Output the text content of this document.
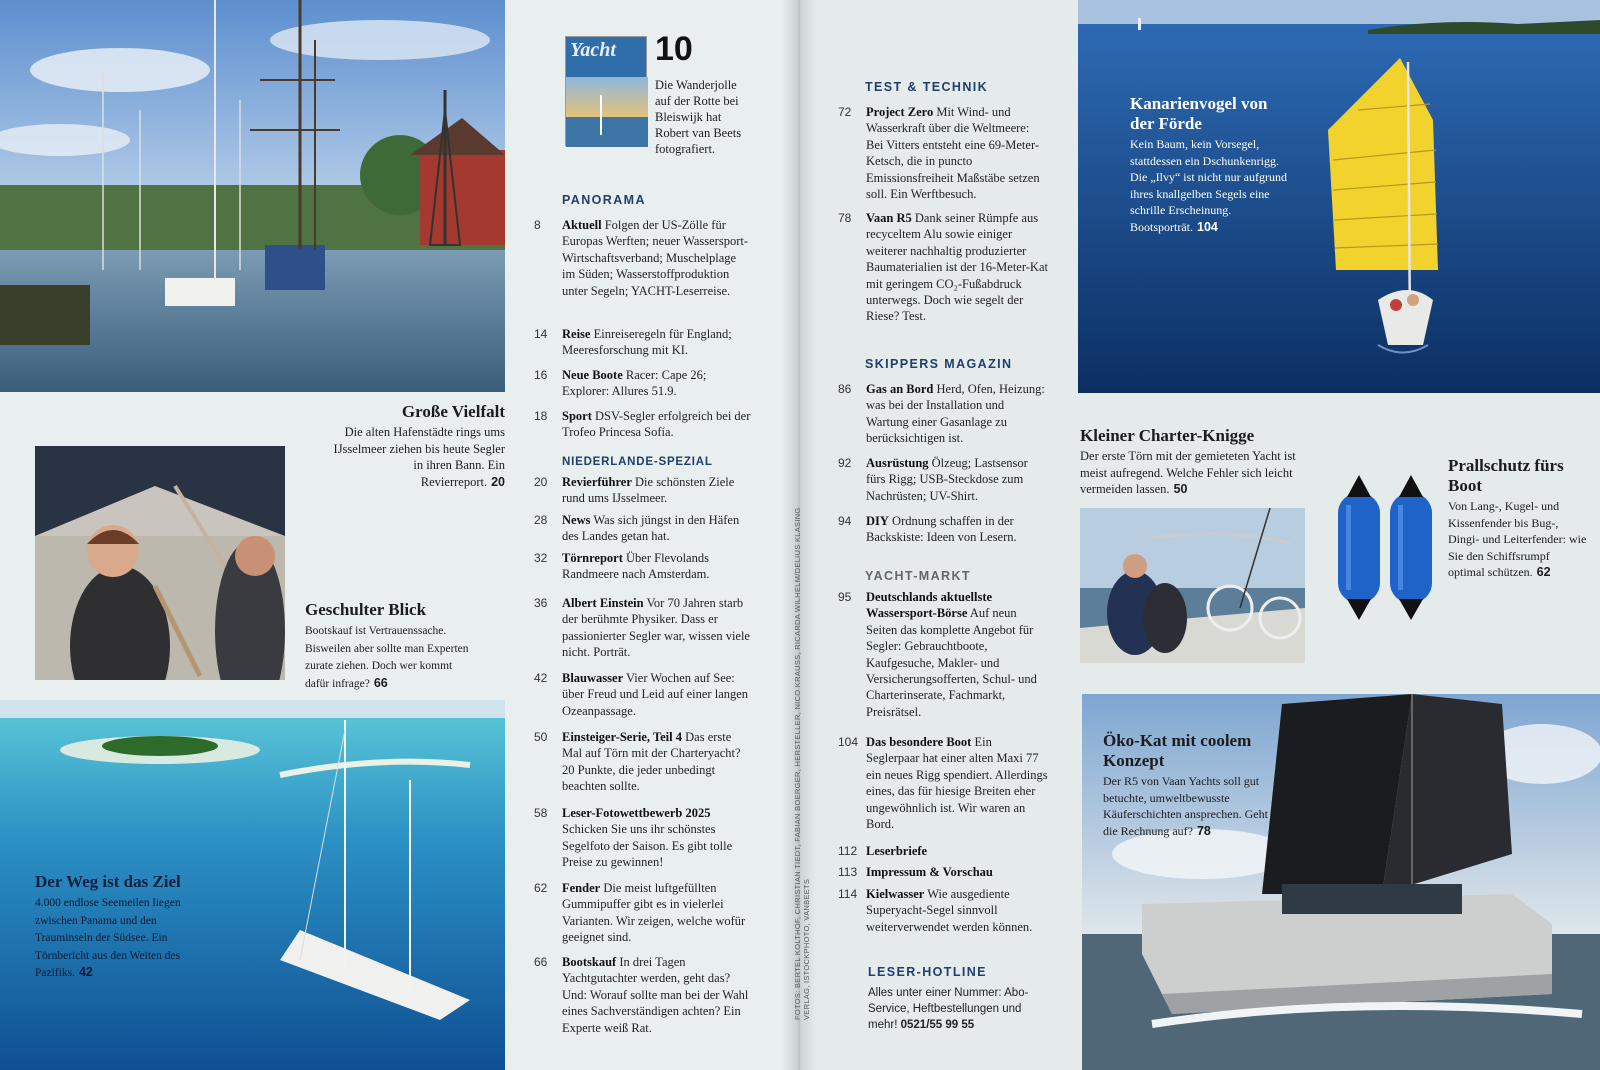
Große Vielfalt
Die alten Hafenstädte rings ums IJsselmeer ziehen bis heute Segler in ihren Bann. Ein Revierreport. 20
Geschulter Blick
Bootskauf ist Vertrauenssache. Bisweilen aber sollte man Experten zurate ziehen. Doch wer kommt dafür infrage? 66
Der Weg ist das Ziel
4.000 endlose Seemeilen liegen zwischen Panama und den Trauminseln der Südsee. Ein Törnbericht aus den Weiten des Pazifiks. 42
Yacht 10
Die Wanderjolle auf der Rotte bei Bleiswijk hat Robert van Beets fotografiert.
PANORAMA
8	Aktuell Folgen der US-Zölle für Europas Werften; neuer Wassersport-Wirtschaftsverband; Muschelplage im Süden; Wasserstoffproduktion unter Segeln; YACHT-Leserreise.
14	Reise Einreiseregeln für England; Meeresforschung mit KI.
16	Neue Boote Racer: Cape 26; Explorer: Allures 51.9.
18	Sport DSV-Segler erfolgreich bei der Trofeo Princesa Sofía.
NIEDERLANDE-SPEZIAL
20	Revierführer Die schönsten Ziele rund ums IJsselmeer.
28	News Was sich jüngst in den Häfen des Landes getan hat.
32	Törnreport Über Flevolands Randmeere nach Amsterdam.
36	Albert Einstein Vor 70 Jahren starb der berühmte Physiker. Dass er passionierter Segler war, wissen viele nicht. Porträt.
42	Blauwasser Vier Wochen auf See: über Freud und Leid auf einer langen Ozeanpassage.
50	Einsteiger-Serie, Teil 4 Das erste Mal auf Törn mit der Charteryacht? 20 Punkte, die jeder unbedingt beachten sollte.
58	Leser-Fotowettbewerb 2025 Schicken Sie uns ihr schönstes Segelfoto der Saison. Es gibt tolle Preise zu gewinnen!
62	Fender Die meist luftgefüllten Gummipuffer gibt es in vielerlei Varianten. Wir zeigen, welche wofür geeignet sind.
66	Bootskauf In drei Tagen Yachtgutachter werden, geht das? Und: Worauf sollte man bei der Wahl eines Sachverständigen achten? Ein Experte weiß Rat.
FOTOS: BERTEL KOLTHOF, CHRISTIAN TIEDT, FABIAN BOERGER, HERSTELLER, NICO KRAUSS, RICARDA WILHELM/DELIUS KLASING VERLAG, ISTOCKPHOTO, VANBEETS
TEST & TECHNIK
72	Project Zero Mit Wind- und Wasserkraft über die Weltmeere: Bei Vitters entsteht eine 69-Meter-Ketsch, die in puncto Emissionsfreiheit Maßstäbe setzen soll. Ein Werftbesuch.
78	Vaan R5 Dank seiner Rümpfe aus recyceltem Alu sowie einiger weiterer nachhaltig produzierter Baumaterialien ist der 16-Meter-Kat mit geringem CO₂-Fußabdruck unterwegs. Doch wie segelt der Riese? Test.
SKIPPERS MAGAZIN
86	Gas an Bord Herd, Ofen, Heizung: was bei der Installation und Wartung einer Gasanlage zu berücksichtigen ist.
92	Ausrüstung Ölzeug; Lastsensor fürs Rigg; USB-Steckdose zum Nachrüsten; UV-Shirt.
94	DIY Ordnung schaffen in der Backskiste: Ideen von Lesern.
YACHT-MARKT
95	Deutschlands aktuellste Wassersport-Börse Auf neun Seiten das komplette Angebot für Segler: Gebrauchtboote, Kaufgesuche, Makler- und Versicherungsofferten, Schul- und Charterinserate, Fachmarkt, Preisrätsel.
104 Das besondere Boot Ein Seglerpaar hat einer alten Maxi 77 ein neues Rigg spendiert. Allerdings eines, das für hiesige Breiten eher ungewöhnlich ist. Wir waren an Bord.
112 Leserbriefe
113 Impressum & Vorschau
114 Kielwasser Wie ausgediente Superyacht-Segel sinnvoll weiterverwendet werden können.
LESER-HOTLINE
Alles unter einer Nummer: Abo-Service, Heftbestellungen und mehr! 0521/55 99 55
Kanarienvogel von der Förde
Kein Baum, kein Vorsegel, stattdessen ein Dschunkenrigg. Die „Ilvy“ ist nicht nur aufgrund ihres knallgelben Segels eine schrille Erscheinung. Bootsporträt. 104
Kleiner Charter-Knigge
Der erste Törn mit der gemieteten Yacht ist meist aufregend. Welche Fehler sich leicht vermeiden lassen. 50
Prallschutz fürs Boot
Von Lang-, Kugel- und Kissenfender bis Bug-, Dingi- und Leiterfender: wie Sie den Schiffsrumpf optimal schützen. 62
Öko-Kat mit coolem Konzept
Der R5 von Vaan Yachts soll gut betuchte, umweltbewusste Käuferschichten ansprechen. Geht die Rechnung auf? 78
